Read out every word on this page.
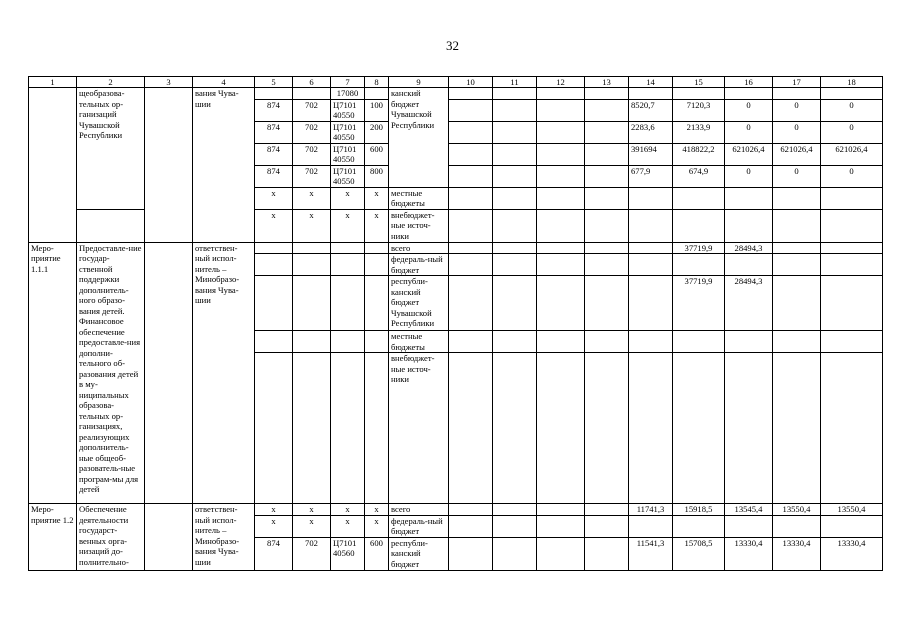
32
1	2	3	4	5	6	7	8	9	10	11	12	13	14	15	16	17	18
	щеобразова-тельных ор-ганизаций Чувашской Республики		вания Чува-шии			17080		канский бюджет Чувашской Республики									
				874	702	Ц7101 40550	100						8520,7	7120,3	0	0	0
				874	702	Ц7101 40550	200						2283,6	2133,9	0	0	0
				874	702	Ц7101 40550	600						391694	418822,2	621026,4	621026,4	621026,4
				874	702	Ц7101 40550	800						677,9	674,9	0	0	0
				x	x	x	x	местные бюджеты									
				x	x	x	x	внебюджет-ные источ-ники									
Меро-приятие 1.1.1	Предоставле-ние государ-ственной поддержки дополнитель-ного образо-вания детей. Финансовое обеспечение предоставле-ния дополни-тельного об-разования детей в му-ниципальных образова-тельных ор-ганизациях, реализующих дополнитель-ные общеоб-разователь-ные програм-мы для детей		ответствен-ный испол-нитель – Минобразо-вания Чува-шии					всего						37719,9	28494,3		
								федераль-ный бюджет									
								республи-канский бюджет Чувашской Республики						37719,9	28494,3		
								местные бюджеты									
								внебюджет-ные источ-ники									
Меро-приятие 1.2	Обеспечение деятельности государст-венных орга-низаций до-полнительно-		ответствен-ный испол-нитель – Минобразо-вания Чува-шии	x	x	x	x	всего					11741,3	15918,5	13545,4	13550,4	13550,4
				x	x	x	x	федераль-ный бюджет									
				874	702	Ц7101 40560	600	республи-канский бюджет					11541,3	15708,5	13330,4	13330,4	13330,4
